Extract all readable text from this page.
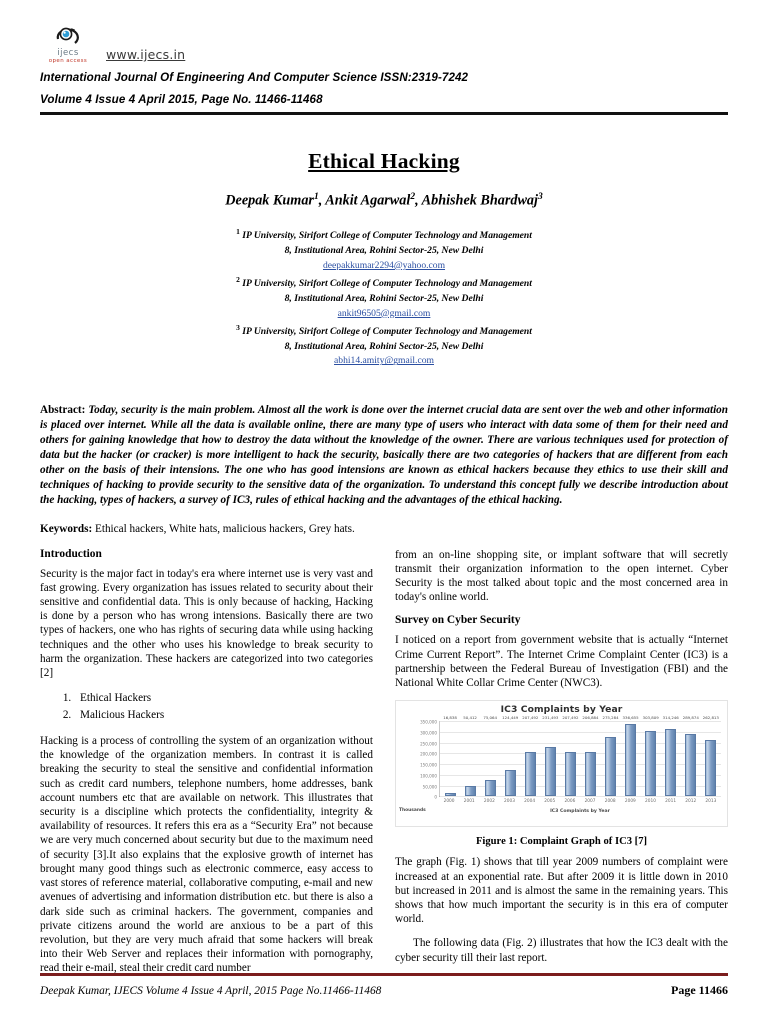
ijecs
open access	www.ijecs.in
International Journal Of Engineering And Computer Science ISSN:2319-7242
Volume 4 Issue 4 April 2015, Page No. 11466-11468
Ethical Hacking
Deepak Kumar$^1$, Ankit Agarwal$^2$, Abhishek Bhardwaj$^3$
$^1$ IP University, Sirifort College of Computer Technology and Management
8, Institutional Area, Rohini Sector-25, New Delhi
deepakkumar2294@yahoo.com
$^2$ IP University, Sirifort College of Computer Technology and Management
8, Institutional Area, Rohini Sector-25, New Delhi
ankit96505@gmail.com
$^3$ IP University, Sirifort College of Computer Technology and Management
8, Institutional Area, Rohini Sector-25, New Delhi
abhi14.amity@gmail.com
Abstract: Today, security is the main problem. Almost all the work is done over the internet crucial data are sent over the web and other information is placed over internet. While all the data is available online, there are many type of users who interact with data some of them for their need and others for gaining knowledge that how to destroy the data without the knowledge of the owner. There are various techniques used for protection of data but the hacker (or cracker) is more intelligent to hack the security, basically there are two categories of hackers that are different from each other on the basis of their intensions. The one who has good intensions are known as ethical hackers because they ethics to use their skill and techniques of hacking to provide security to the sensitive data of the organization. To understand this concept fully we describe introduction about the hacking, types of hackers, a survey of IC3, rules of ethical hacking and the advantages of the ethical hacking.
Keywords: Ethical hackers, White hats, malicious hackers, Grey hats.
Introduction

Security is the major fact in today's era where internet use is very vast and fast growing. Every organization has issues related to security about their sensitive and confidential data. This is only because of hacking, Hacking is done by a person who has wrong intensions. Basically there are two types of hackers, one who has rights of securing data while using hacking techniques and the other who uses his knowledge to break security to harm the organization. These hackers are categorized into two categories [2]

1. Ethical Hackers
2. Malicious Hackers

Hacking is a process of controlling the system of an organization without the knowledge of the organization members. In contrast it is called breaking the security to steal the sensitive and confidential information such as credit card numbers, telephone numbers, home addresses, bank account numbers etc that are available on network. This illustrates that security is a discipline which protects the confidentiality, integrity & availability of resources. It refers this era as a “Security Era” not because we are very much concerned about security but due to the maximum need of security [3].It also explains that the explosive growth of internet has brought many good things such as electronic commerce, easy access to vast stores of reference material, collaborative computing, e-mail and new avenues of advertising and information distribution etc. but there is also a dark side such as criminal hackers. The government, companies and private citizens around the world are anxious to be a part of this revolution, but they are very much afraid that some hackers will break into their Web Server and replaces their information with pornography, read their e-mail, steal their credit card number

from an on-line shopping site, or implant software that will secretly transmit their organization information to the open internet. Cyber Security is the most talked about topic and the most concerned area in today's online world.

Survey on Cyber Security

I noticed on a report from government website that is actually “Internet Crime Current Report”. The Internet Crime Complaint Center (IC3) is a partnership between the Federal Bureau of Investigation (FBI) and the National White Collar Crime Center (NWC3).

IC3 Complaints by Year
350,000
300,000
250,000
200,000
150,000
100,000
50,000
0
16,838 50,412 75,064 124,449 207,492 231,493 207,492 206,884 275,284 336,655 303,809 314,246 289,874 262,813
2000	2001	2002	2003	2004	2005	2006	2007	2008	2009	2010	2011	2012	2013
Thousands	IC3 Complaints by Year
Figure 1: Complaint Graph of IC3 [7]

The graph (Fig. 1) shows that till year 2009 numbers of complaint were increased at an exponential rate. But after 2009 it is little down in 2010 but increased in 2011 and is almost the same in the remaining years. This shows that how much important the security is in this era of computer world.

The following data (Fig. 2) illustrates that how the IC3 dealt with the cyber security till their last report.

Deepak Kumar, IJECS Volume 4 Issue 4 April, 2015 Page No.11466-11468	Page 11466
